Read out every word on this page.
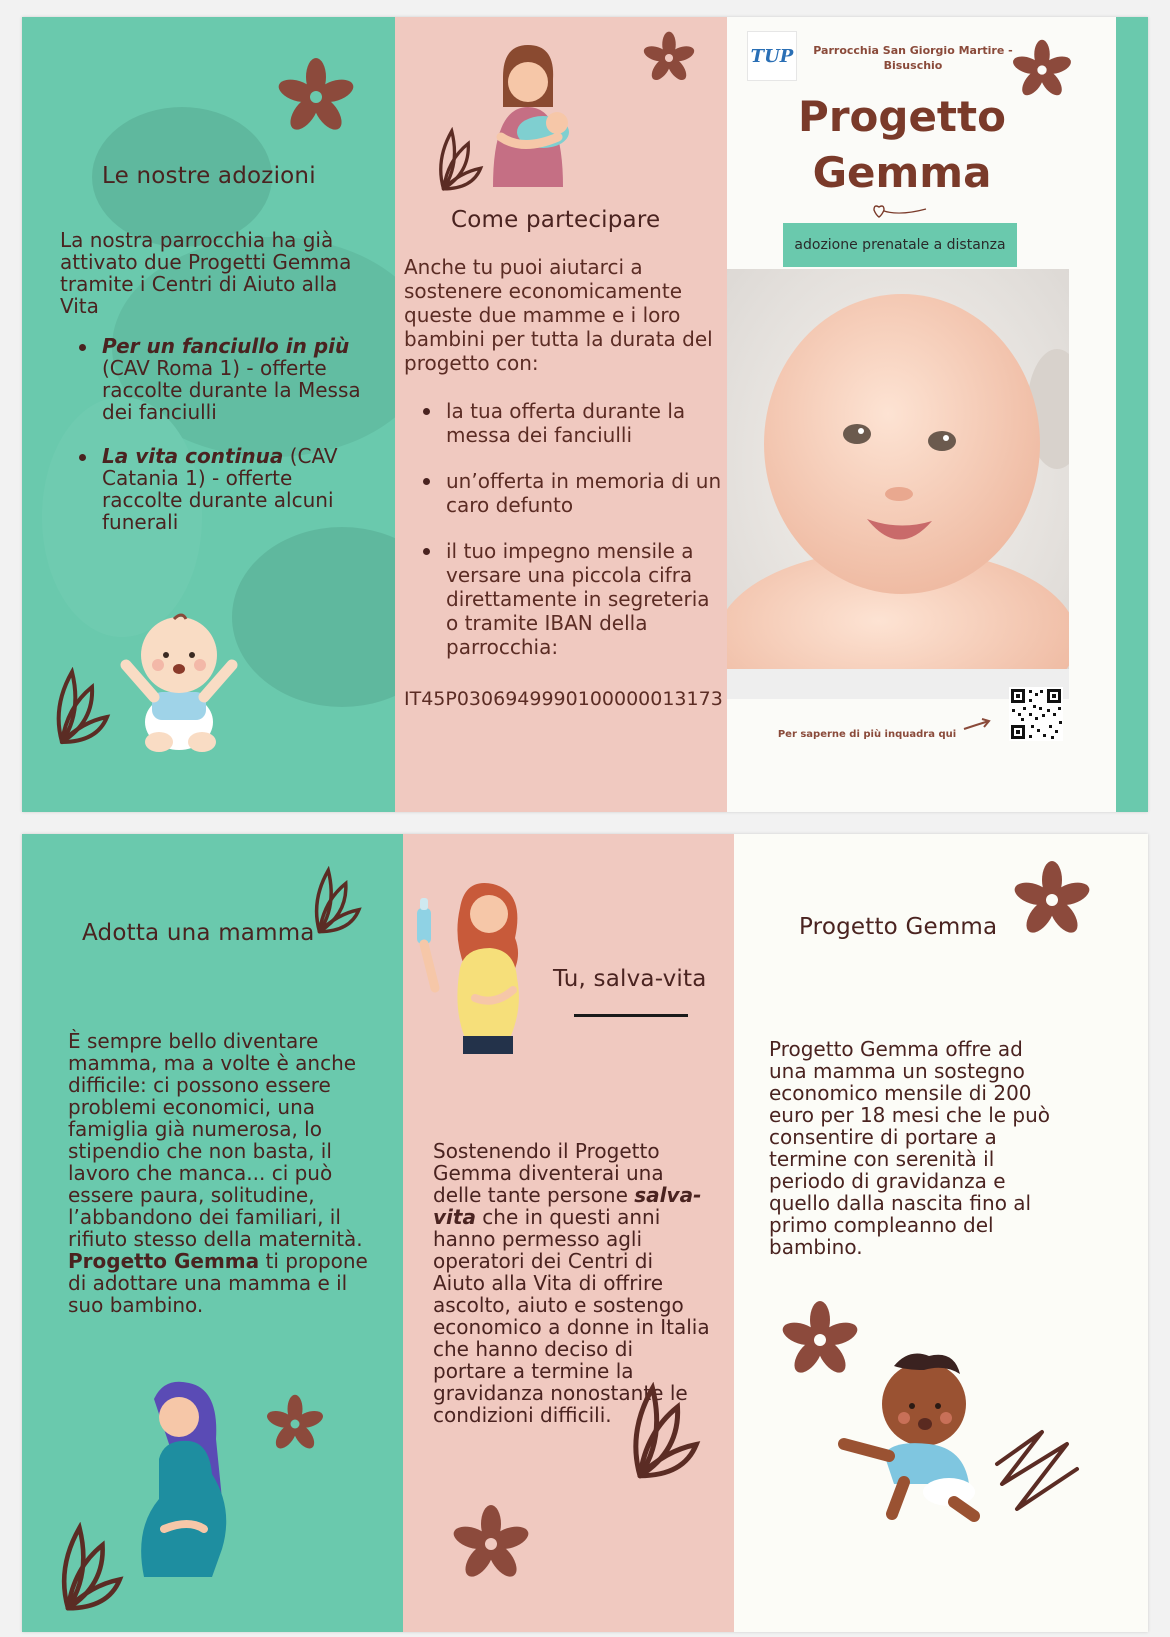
Le nostre adozioni
La nostra parrocchia ha già attivato due Progetti Gemma tramite i Centri di Aiuto alla Vita
Per un fanciullo in più (CAV Roma 1) - offerte raccolte durante la Messa dei fanciulli
La vita continua (CAV Catania 1) - offerte raccolte durante alcuni funerali
Come partecipare
Anche tu puoi aiutarci a sostenere economicamente queste due mamme e i loro bambini per tutta la durata del progetto con:
la tua offerta durante la messa dei fanciulli
un’offerta in memoria di un caro defunto
il tuo impegno mensile a versare una piccola cifra direttamente in segreteria o tramite IBAN della parrocchia:
IT45P0306949990100000013173
TUP Parrocchia San Giorgio Martire - Bisuschio
Progetto
Gemma
adozione prenatale a distanza
Per saperne di più inquadra qui
Adotta una mamma
È sempre bello diventare mamma, ma a volte è anche difficile: ci possono essere problemi economici, una famiglia già numerosa, lo stipendio che non basta, il lavoro che manca... ci può essere paura, solitudine, l’abbandono dei familiari, il rifiuto stesso della maternità.
Progetto Gemma ti propone di adottare una mamma e il suo bambino.
Tu, salva-vita
Sostenendo il Progetto Gemma diventerai una delle tante persone salva-vita che in questi anni hanno permesso agli operatori dei Centri di Aiuto alla Vita di offrire ascolto, aiuto e sostengo economico a donne in Italia che hanno deciso di portare a termine la gravidanza nonostante le condizioni difficili.
Progetto Gemma
Progetto Gemma offre ad una mamma un sostegno economico mensile di 200 euro per 18 mesi che le può consentire di portare a termine con serenità il periodo di gravidanza e quello dalla nascita fino al primo compleanno del bambino.
